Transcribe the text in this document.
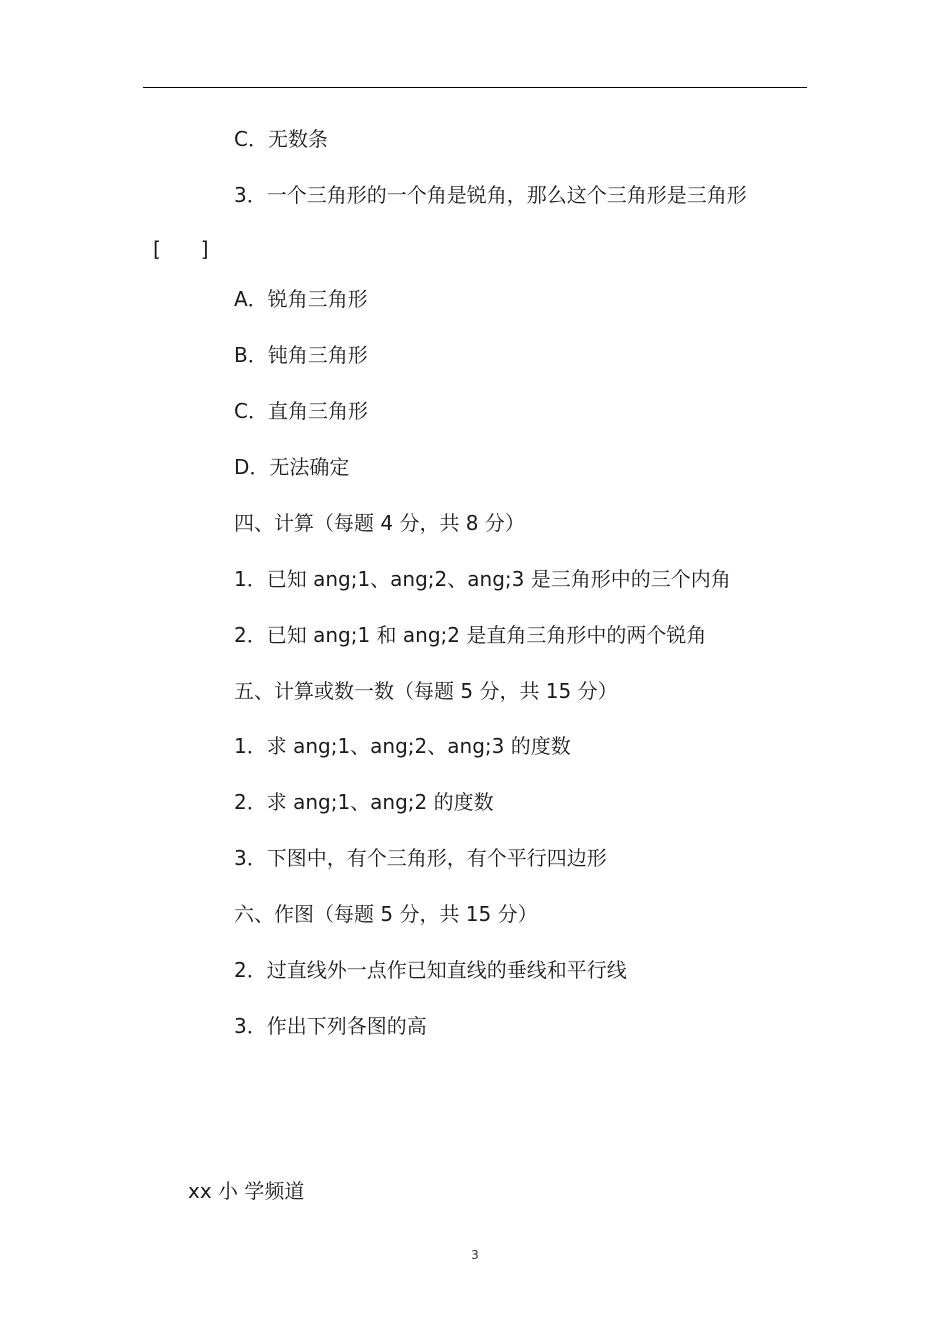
C．无数条
3．一个三角形的一个角是锐角，那么这个三角形是三角形
[　　]
A．锐角三角形
B．钝角三角形
C．直角三角形
D．无法确定
四、计算（每题 4 分，共 8 分）
1．已知 ang;1、ang;2、ang;3 是三角形中的三个内角
2．已知 ang;1 和 ang;2 是直角三角形中的两个锐角
五、计算或数一数（每题 5 分，共 15 分）
1．求 ang;1、ang;2、ang;3 的度数
2．求 ang;1、ang;2 的度数
3．下图中，有个三角形，有个平行四边形
六、作图（每题 5 分，共 15 分）
2．过直线外一点作已知直线的垂线和平行线
3．作出下列各图的高
xx 小 学频道
3
